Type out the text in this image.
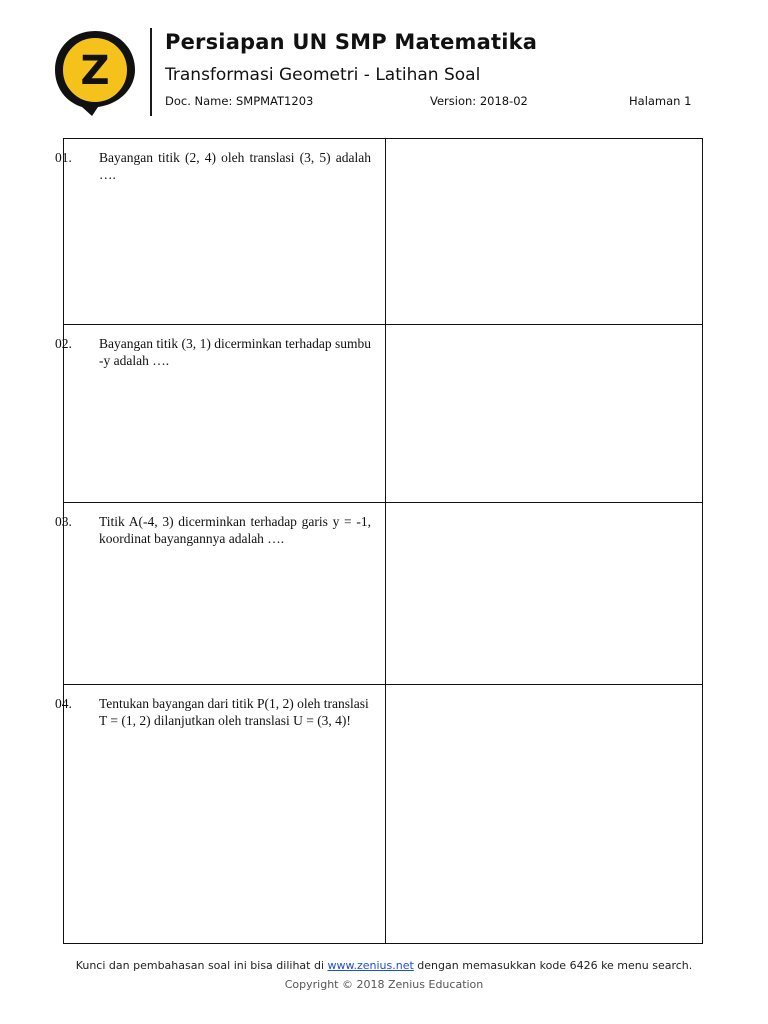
Z
Persiapan UN SMP Matematika
Transformasi Geometri - Latihan Soal
Doc. Name: SMPMAT1203	Version: 2018-02	Halaman 1

01. Bayangan titik (2, 4) oleh translasi (3, 5) adalah ….

02. Bayangan titik (3, 1) dicerminkan terhadap sumbu -y adalah ….

03. Titik A(-4, 3) dicerminkan terhadap garis y = -1, koordinat bayangannya adalah ….

04. Tentukan bayangan dari titik P(1, 2) oleh translasi T = (1, 2) dilanjutkan oleh translasi U = (3, 4)!

Kunci dan pembahasan soal ini bisa dilihat di www.zenius.net dengan memasukkan kode 6426 ke menu search.
Copyright © 2018 Zenius Education
